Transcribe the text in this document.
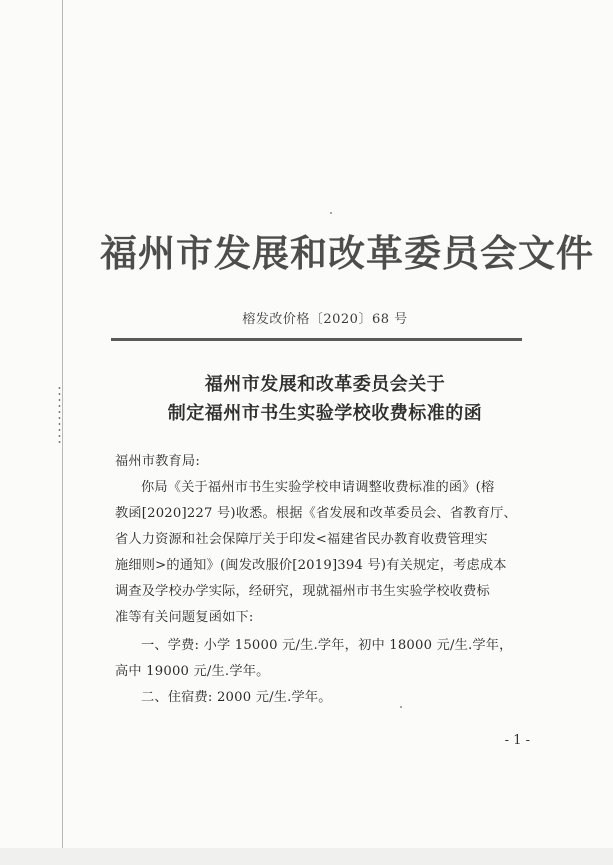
福州市发展和改革委员会文件
榕发改价格〔2020〕68 号
福州市发展和改革委员会关于
制定福州市书生实验学校收费标准的函
福州市教育局:
你局《关于福州市书生实验学校申请调整收费标准的函》(榕
教函[2020]227 号)收悉。根据《省发展和改革委员会、省教育厅、
省人力资源和社会保障厅关于印发<福建省民办教育收费管理实
施细则>的通知》(闽发改服价[2019]394 号)有关规定，考虑成本
调查及学校办学实际，经研究，现就福州市书生实验学校收费标
准等有关问题复函如下:
一、学费: 小学 15000 元/生.学年，初中 18000 元/生.学年，
高中 19000 元/生.学年。
二、住宿费: 2000 元/生.学年。
- 1 -
